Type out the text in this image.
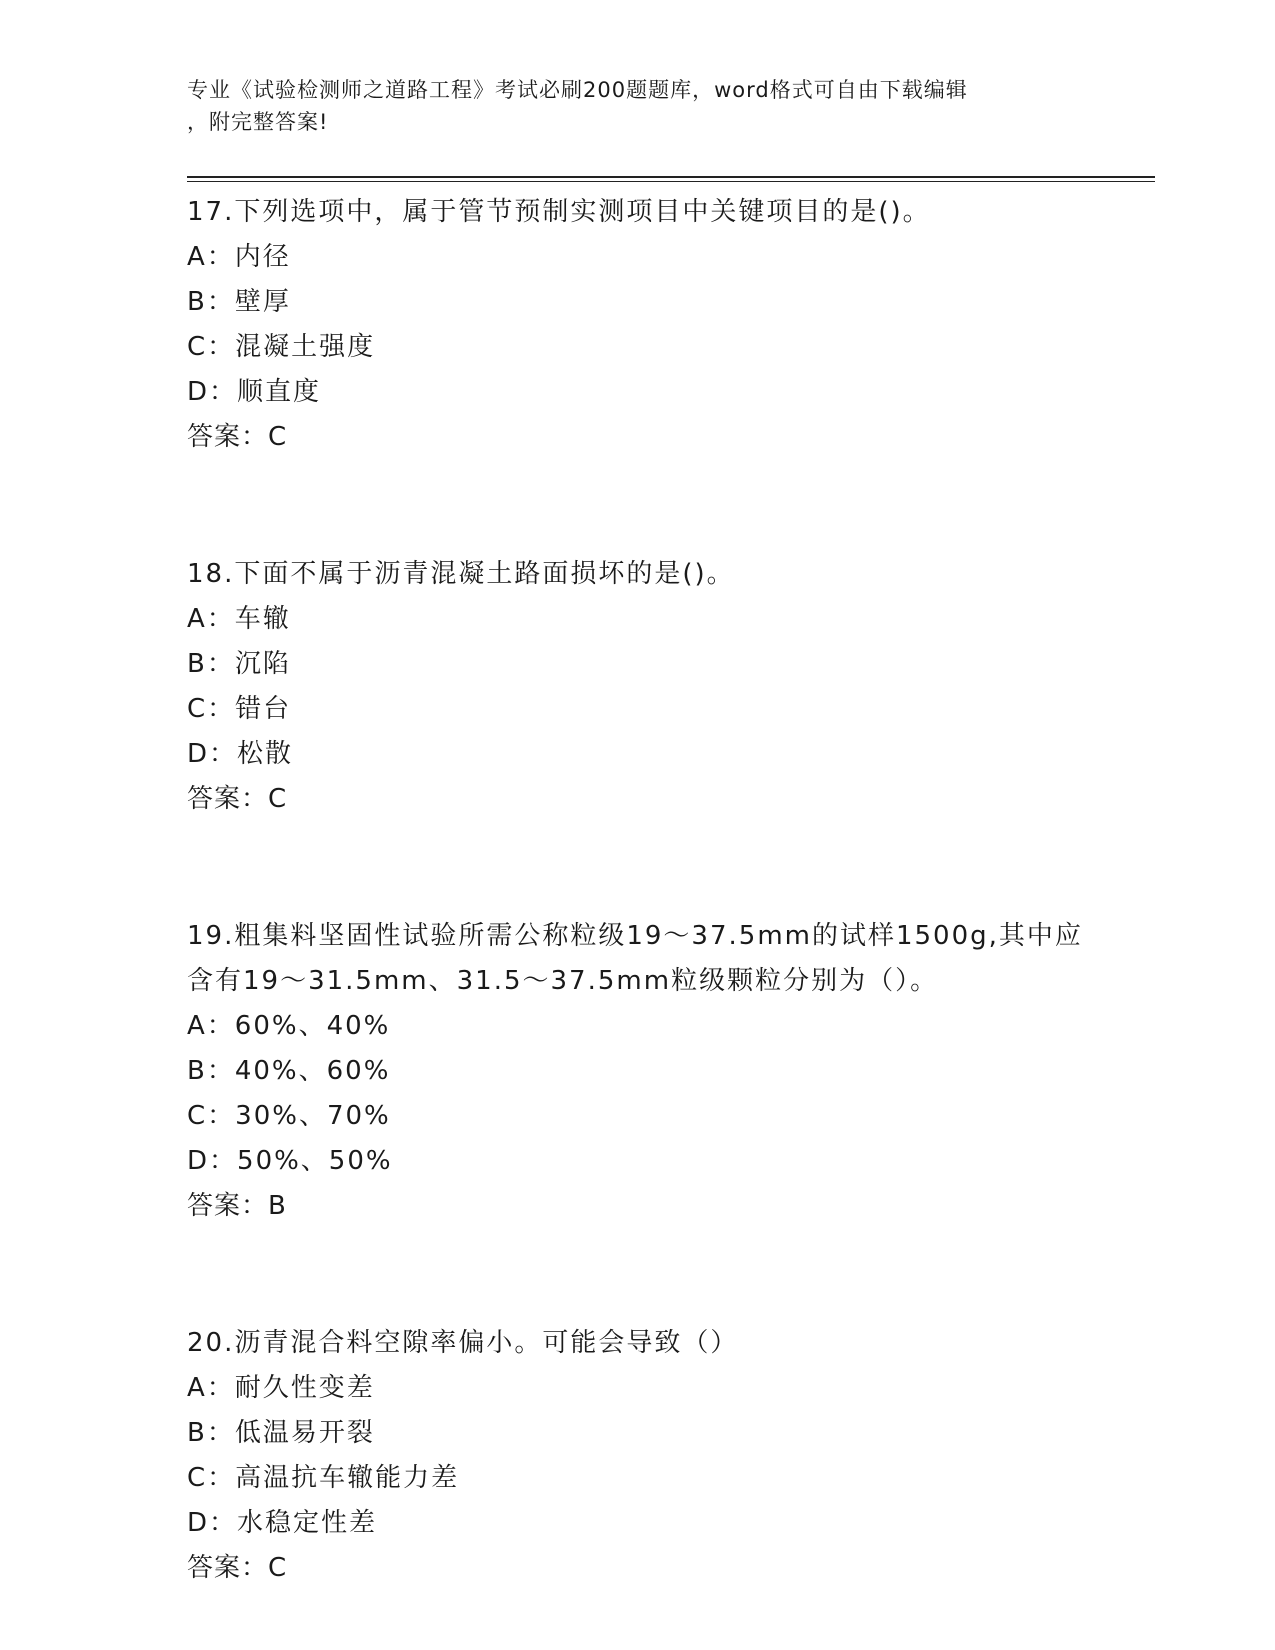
专业《试验检测师之道路工程》考试必刷200题题库，word格式可自由下载编辑
，附完整答案!
17.下列选项中，属于管节预制实测项目中关键项目的是()。
A：内径
B：壁厚
C：混凝土强度
D：顺直度
答案：C
18.下面不属于沥青混凝土路面损坏的是()。
A：车辙
B：沉陷
C：错台
D：松散
答案：C
19.粗集料坚固性试验所需公称粒级19～37.5mm的试样1500g,其中应
含有19～31.5mm、31.5～37.5mm粒级颗粒分别为（）。
A：60%、40%
B：40%、60%
C：30%、70%
D：50%、50%
答案：B
20.沥青混合料空隙率偏小。可能会导致（）
A：耐久性变差
B：低温易开裂
C：高温抗车辙能力差
D：水稳定性差
答案：C
